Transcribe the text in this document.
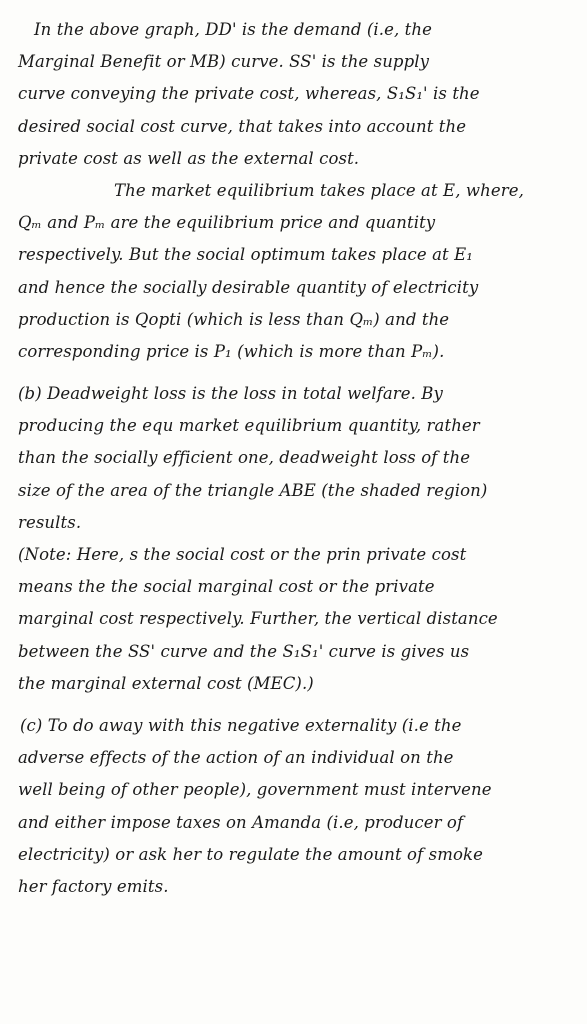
In the above graph, DD' is the demand (i.e, the
Marginal Benefit or MB) curve. SS' is the supply
curve conveying the private cost, whereas, S₁S₁' is the
desired social cost curve, that takes into account the
private cost as well as the external cost.
The market equilibrium takes place at E, where,
Qₘ and Pₘ are the equilibrium price and quantity
respectively. But the social optimum takes place at E₁
and hence the socially desirable quantity of electricity
production is Qopti (which is less than Qₘ) and the
corresponding price is P₁ (which is more than Pₘ).
(b) Deadweight loss is the loss in total welfare. By
producing the equ market equilibrium quantity, rather
than the socially efficient one, deadweight loss of the
size of the area of the triangle ABE (the shaded region)
results.
(Note: Here, s the social cost or the prin private cost
means the the social marginal cost or the private
marginal cost respectively. Further, the vertical distance
between the SS' curve and the S₁S₁' curve is gives us
the marginal external cost (MEC).)
(c) To do away with this negative externality (i.e the
adverse effects of the action of an individual on the
well being of other people), government must intervene
and either impose taxes on Amanda (i.e, producer of
electricity) or ask her to regulate the amount of smoke
her factory emits.
